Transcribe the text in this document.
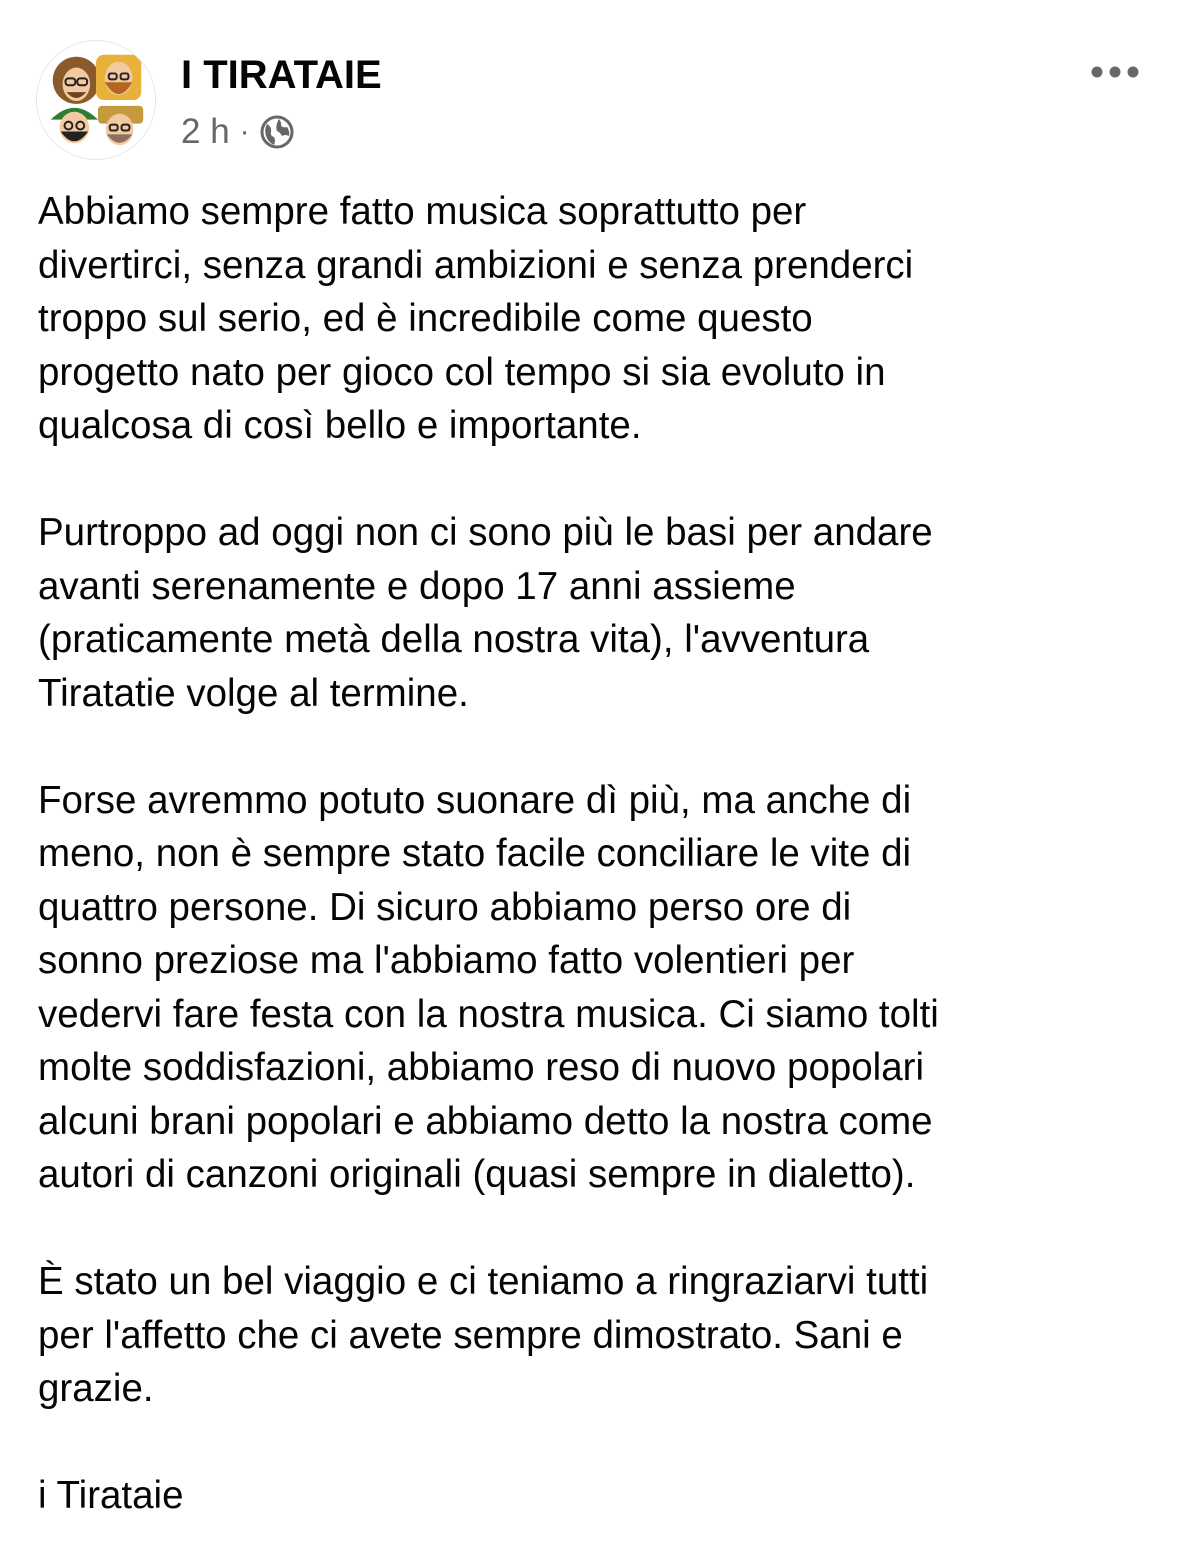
I TIRATAIE
2 h ·

Abbiamo sempre fatto musica soprattutto per
divertirci, senza grandi ambizioni e senza prenderci
troppo sul serio, ed è incredibile come questo
progetto nato per gioco col tempo si sia evoluto in
qualcosa di così bello e importante.

Purtroppo ad oggi non ci sono più le basi per andare
avanti serenamente e dopo 17 anni assieme
(praticamente metà della nostra vita), l'avventura
Tiratatie volge al termine.

Forse avremmo potuto suonare dì più, ma anche di
meno, non è sempre stato facile conciliare le vite di
quattro persone. Di sicuro abbiamo perso ore di
sonno preziose ma l'abbiamo fatto volentieri per
vedervi fare festa con la nostra musica. Ci siamo tolti
molte soddisfazioni, abbiamo reso di nuovo popolari
alcuni brani popolari e abbiamo detto la nostra come
autori di canzoni originali (quasi sempre in dialetto).

È stato un bel viaggio e ci teniamo a ringraziarvi tutti
per l'affetto che ci avete sempre dimostrato. Sani e
grazie.

i Tirataie
